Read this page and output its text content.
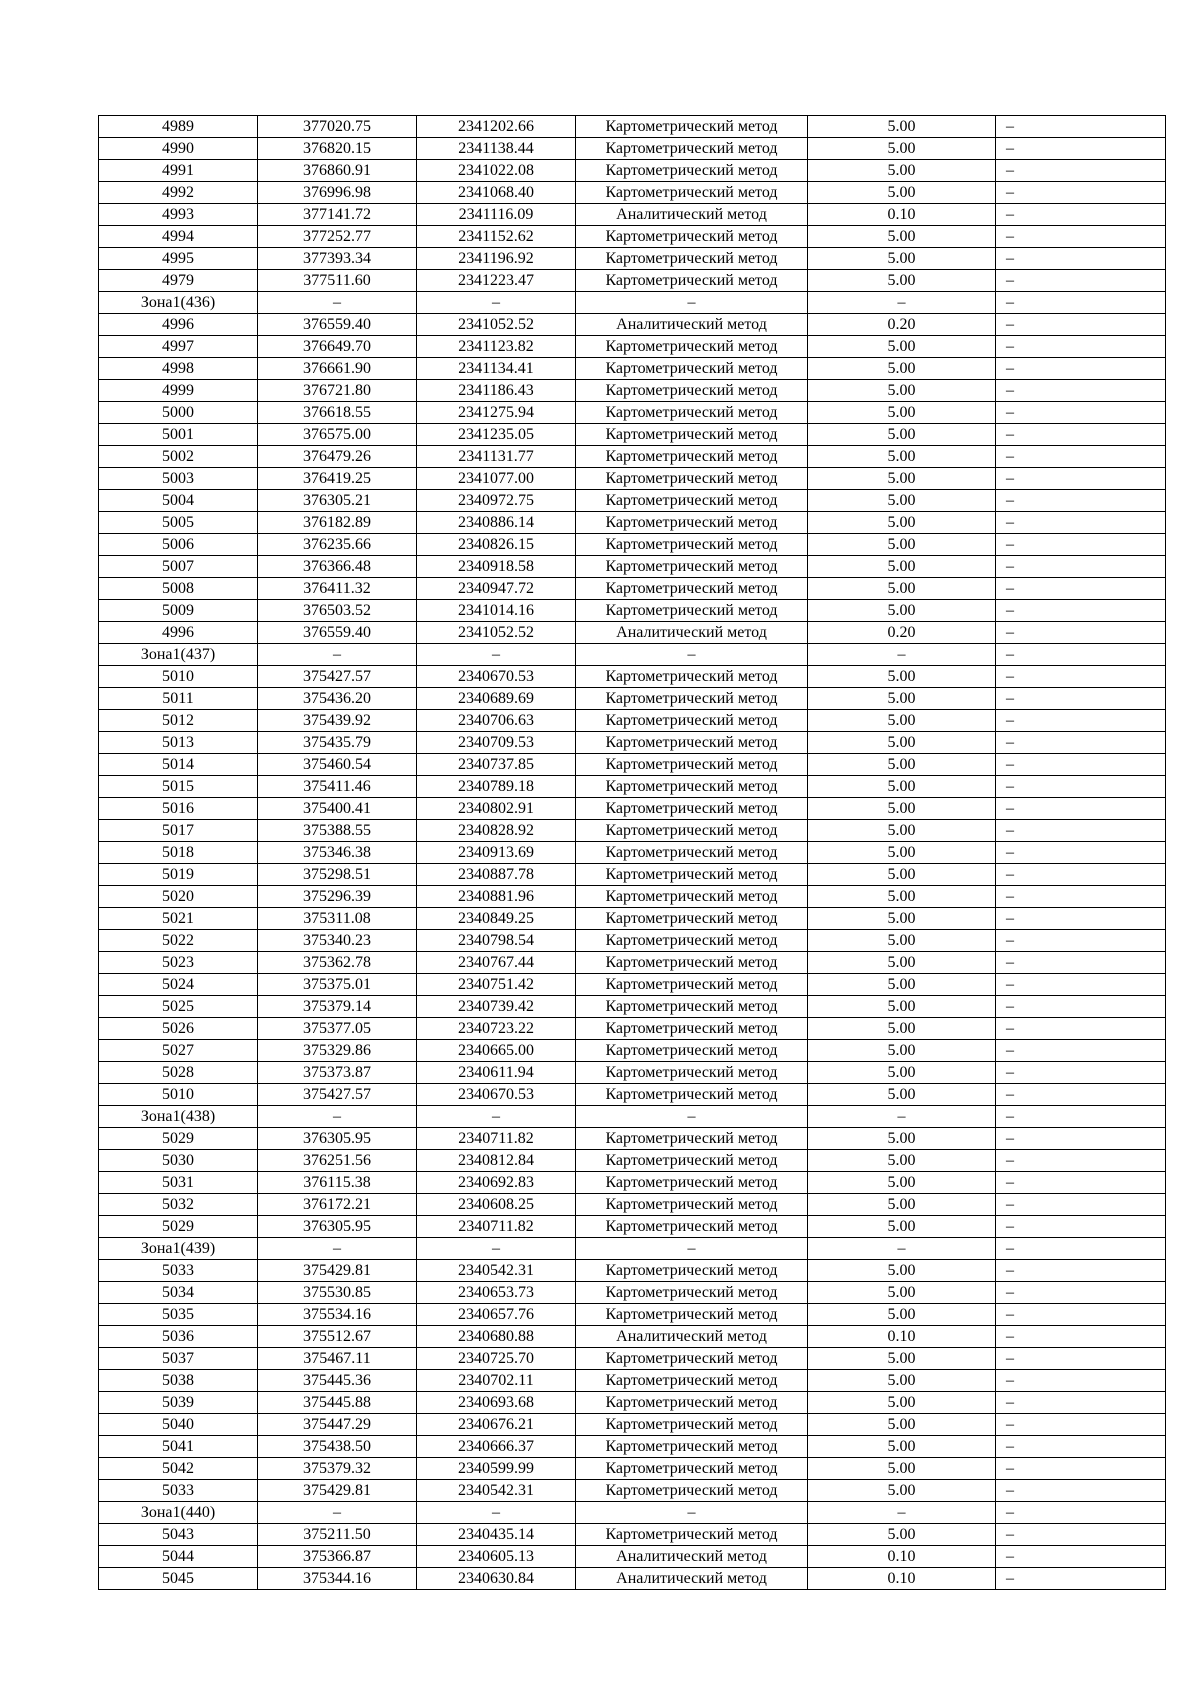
4989	377020.75	2341202.66	Картометрический метод	5.00	–
4990	376820.15	2341138.44	Картометрический метод	5.00	–
4991	376860.91	2341022.08	Картометрический метод	5.00	–
4992	376996.98	2341068.40	Картометрический метод	5.00	–
4993	377141.72	2341116.09	Аналитический метод	0.10	–
4994	377252.77	2341152.62	Картометрический метод	5.00	–
4995	377393.34	2341196.92	Картометрический метод	5.00	–
4979	377511.60	2341223.47	Картометрический метод	5.00	–
Зона1(436)	–	–	–	–	–
4996	376559.40	2341052.52	Аналитический метод	0.20	–
4997	376649.70	2341123.82	Картометрический метод	5.00	–
4998	376661.90	2341134.41	Картометрический метод	5.00	–
4999	376721.80	2341186.43	Картометрический метод	5.00	–
5000	376618.55	2341275.94	Картометрический метод	5.00	–
5001	376575.00	2341235.05	Картометрический метод	5.00	–
5002	376479.26	2341131.77	Картометрический метод	5.00	–
5003	376419.25	2341077.00	Картометрический метод	5.00	–
5004	376305.21	2340972.75	Картометрический метод	5.00	–
5005	376182.89	2340886.14	Картометрический метод	5.00	–
5006	376235.66	2340826.15	Картометрический метод	5.00	–
5007	376366.48	2340918.58	Картометрический метод	5.00	–
5008	376411.32	2340947.72	Картометрический метод	5.00	–
5009	376503.52	2341014.16	Картометрический метод	5.00	–
4996	376559.40	2341052.52	Аналитический метод	0.20	–
Зона1(437)	–	–	–	–	–
5010	375427.57	2340670.53	Картометрический метод	5.00	–
5011	375436.20	2340689.69	Картометрический метод	5.00	–
5012	375439.92	2340706.63	Картометрический метод	5.00	–
5013	375435.79	2340709.53	Картометрический метод	5.00	–
5014	375460.54	2340737.85	Картометрический метод	5.00	–
5015	375411.46	2340789.18	Картометрический метод	5.00	–
5016	375400.41	2340802.91	Картометрический метод	5.00	–
5017	375388.55	2340828.92	Картометрический метод	5.00	–
5018	375346.38	2340913.69	Картометрический метод	5.00	–
5019	375298.51	2340887.78	Картометрический метод	5.00	–
5020	375296.39	2340881.96	Картометрический метод	5.00	–
5021	375311.08	2340849.25	Картометрический метод	5.00	–
5022	375340.23	2340798.54	Картометрический метод	5.00	–
5023	375362.78	2340767.44	Картометрический метод	5.00	–
5024	375375.01	2340751.42	Картометрический метод	5.00	–
5025	375379.14	2340739.42	Картометрический метод	5.00	–
5026	375377.05	2340723.22	Картометрический метод	5.00	–
5027	375329.86	2340665.00	Картометрический метод	5.00	–
5028	375373.87	2340611.94	Картометрический метод	5.00	–
5010	375427.57	2340670.53	Картометрический метод	5.00	–
Зона1(438)	–	–	–	–	–
5029	376305.95	2340711.82	Картометрический метод	5.00	–
5030	376251.56	2340812.84	Картометрический метод	5.00	–
5031	376115.38	2340692.83	Картометрический метод	5.00	–
5032	376172.21	2340608.25	Картометрический метод	5.00	–
5029	376305.95	2340711.82	Картометрический метод	5.00	–
Зона1(439)	–	–	–	–	–
5033	375429.81	2340542.31	Картометрический метод	5.00	–
5034	375530.85	2340653.73	Картометрический метод	5.00	–
5035	375534.16	2340657.76	Картометрический метод	5.00	–
5036	375512.67	2340680.88	Аналитический метод	0.10	–
5037	375467.11	2340725.70	Картометрический метод	5.00	–
5038	375445.36	2340702.11	Картометрический метод	5.00	–
5039	375445.88	2340693.68	Картометрический метод	5.00	–
5040	375447.29	2340676.21	Картометрический метод	5.00	–
5041	375438.50	2340666.37	Картометрический метод	5.00	–
5042	375379.32	2340599.99	Картометрический метод	5.00	–
5033	375429.81	2340542.31	Картометрический метод	5.00	–
Зона1(440)	–	–	–	–	–
5043	375211.50	2340435.14	Картометрический метод	5.00	–
5044	375366.87	2340605.13	Аналитический метод	0.10	–
5045	375344.16	2340630.84	Аналитический метод	0.10	–
